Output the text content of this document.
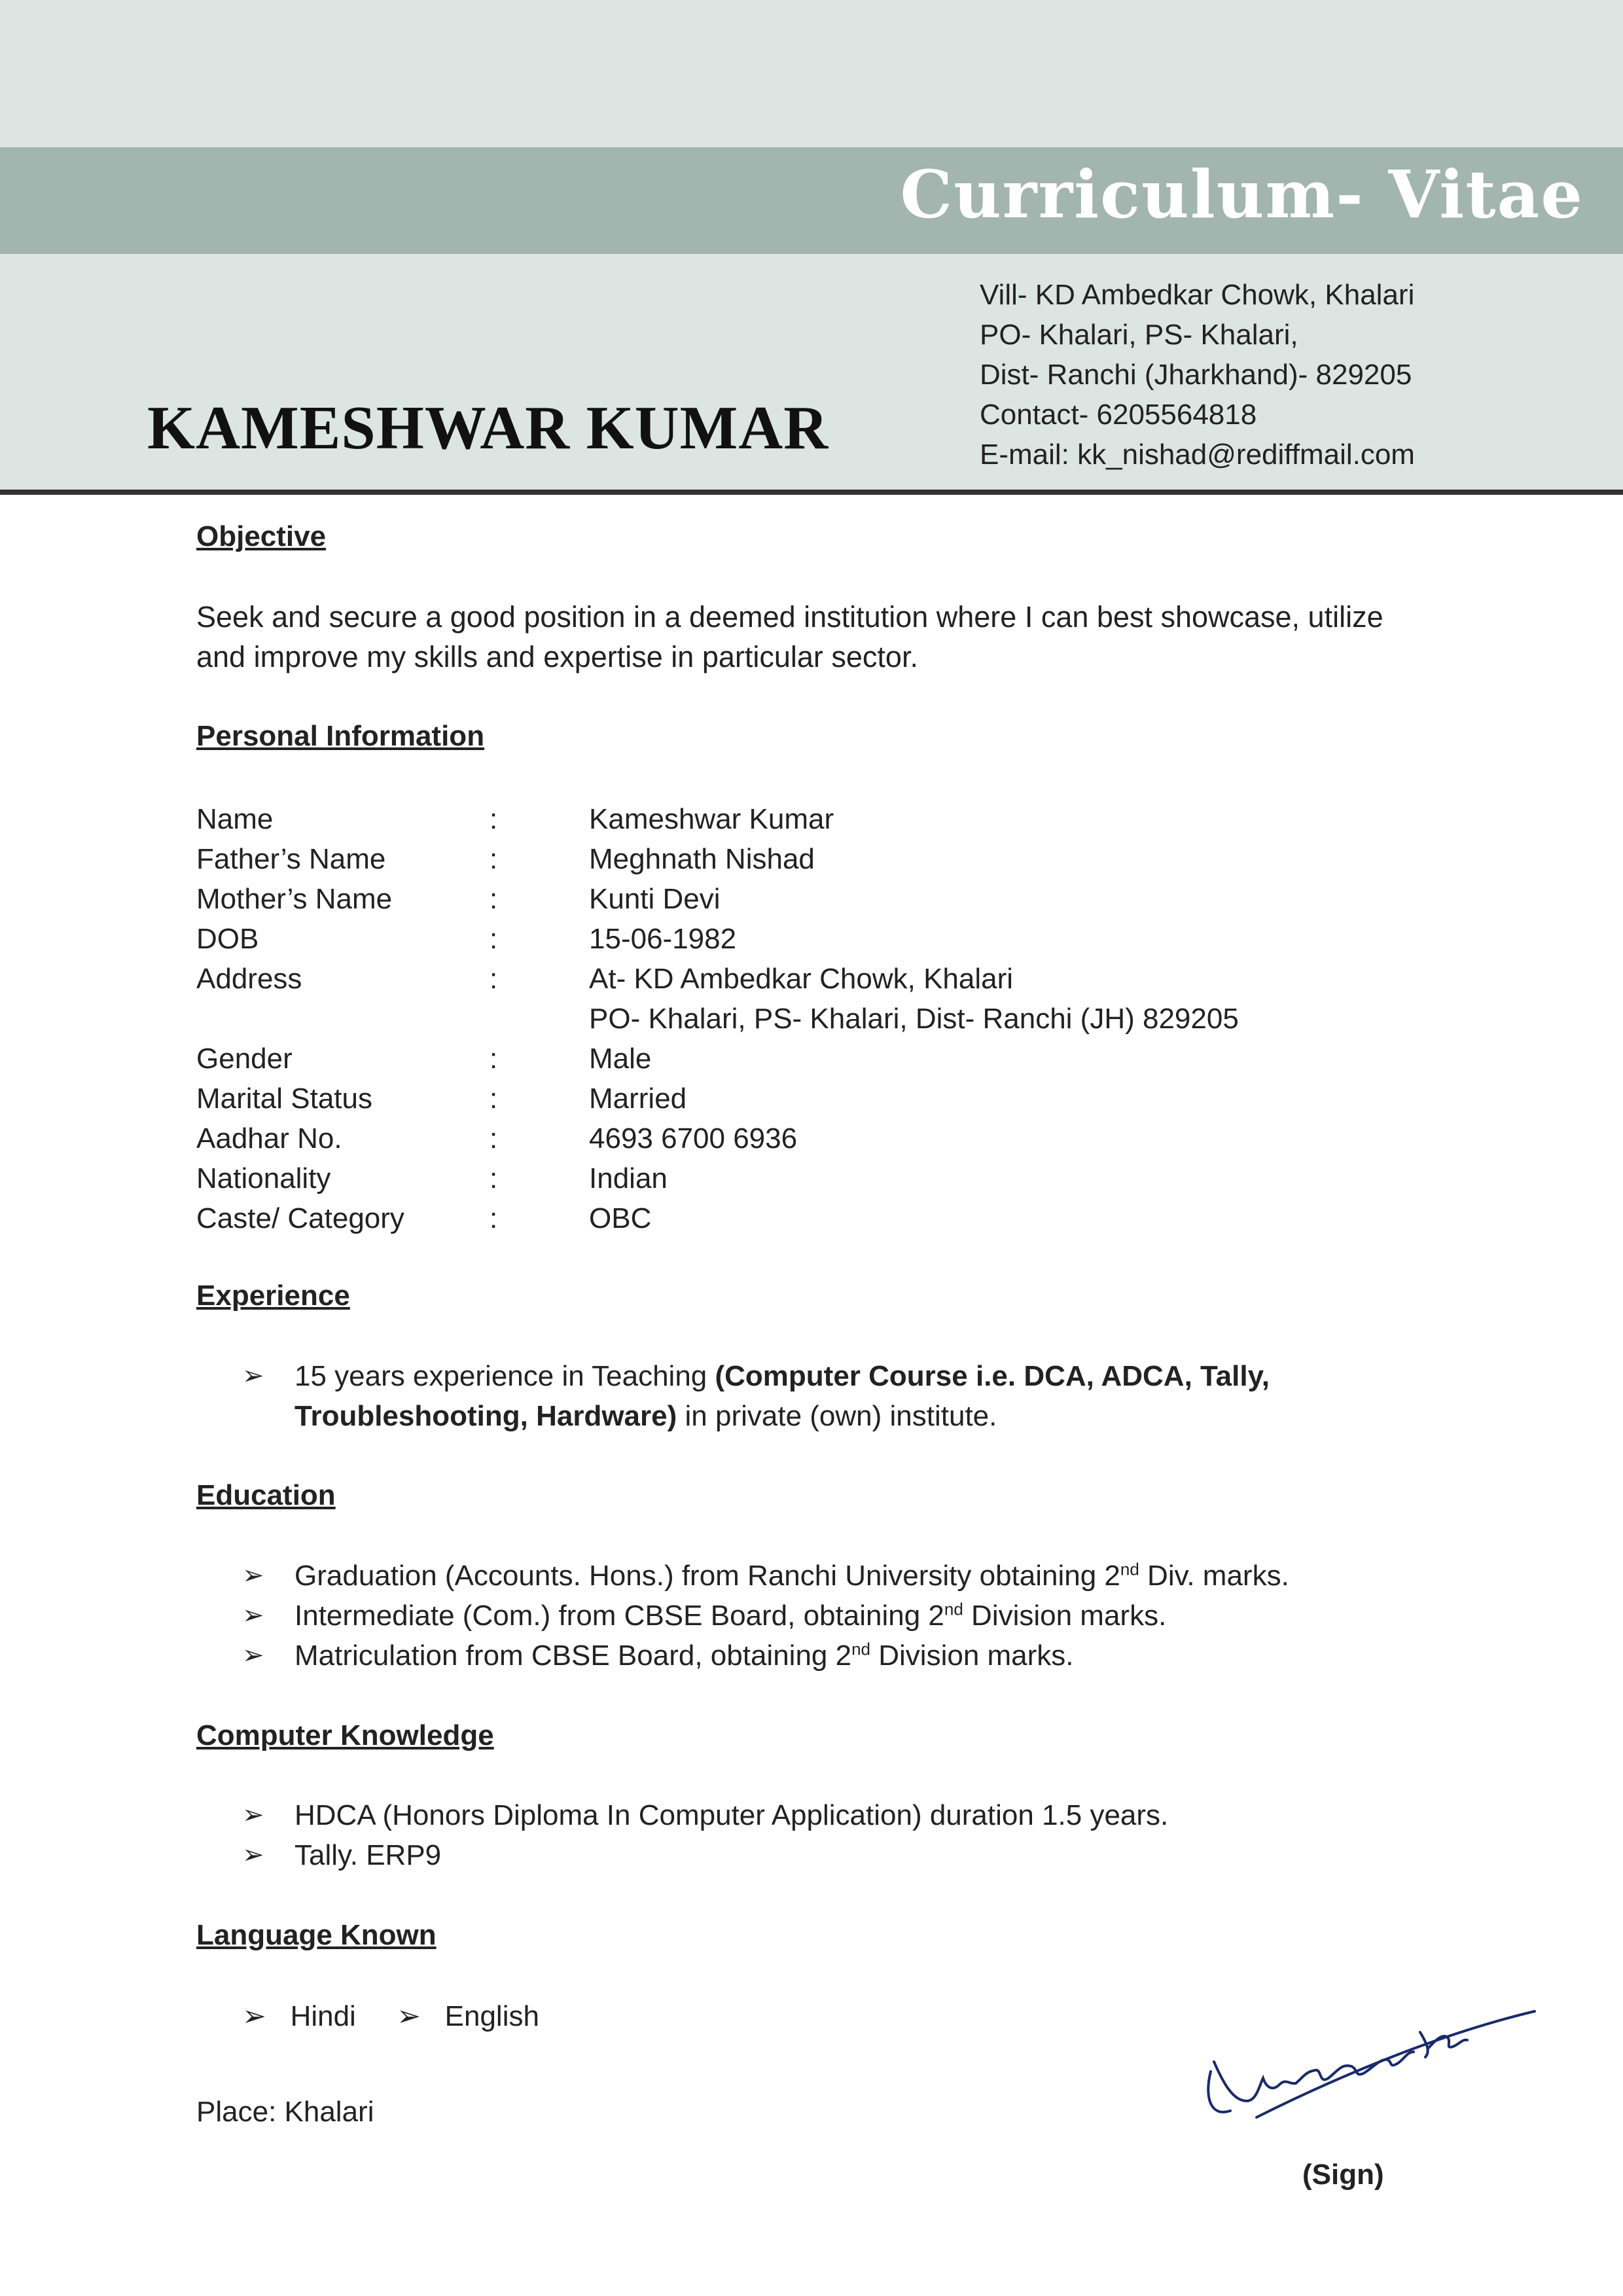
Curriculum- Vitae
KAMESHWAR KUMAR
Vill- KD Ambedkar Chowk, Khalari
PO- Khalari, PS- Khalari,
Dist- Ranchi (Jharkhand)- 829205
Contact- 6205564818
E-mail: kk_nishad@rediffmail.com
Objective
Seek and secure a good position in a deemed institution where I can best showcase, utilize and improve my skills and expertise in particular sector.
Personal Information
Name	:	Kameshwar Kumar
Father’s Name	:	Meghnath Nishad
Mother’s Name	:	Kunti Devi
DOB	:	15-06-1982
Address	:	At- KD Ambedkar Chowk, Khalari
PO- Khalari, PS- Khalari, Dist- Ranchi (JH) 829205
Gender	:	Male
Marital Status	:	Married
Aadhar No.	:	4693 6700 6936
Nationality	:	Indian
Caste/ Category	:	OBC
Experience
➢ 15 years experience in Teaching (Computer Course i.e. DCA, ADCA, Tally,
Troubleshooting, Hardware) in private (own) institute.
Education
➢ Graduation (Accounts. Hons.) from Ranchi University obtaining 2nd Div. marks.
➢ Intermediate (Com.) from CBSE Board, obtaining 2nd Division marks.
➢ Matriculation from CBSE Board, obtaining 2nd Division marks.
Computer Knowledge
➢ HDCA (Honors Diploma In Computer Application) duration 1.5 years.
➢ Tally. ERP9
Language Known
➢ Hindi ➢ English
Place: Khalari
(Sign)
